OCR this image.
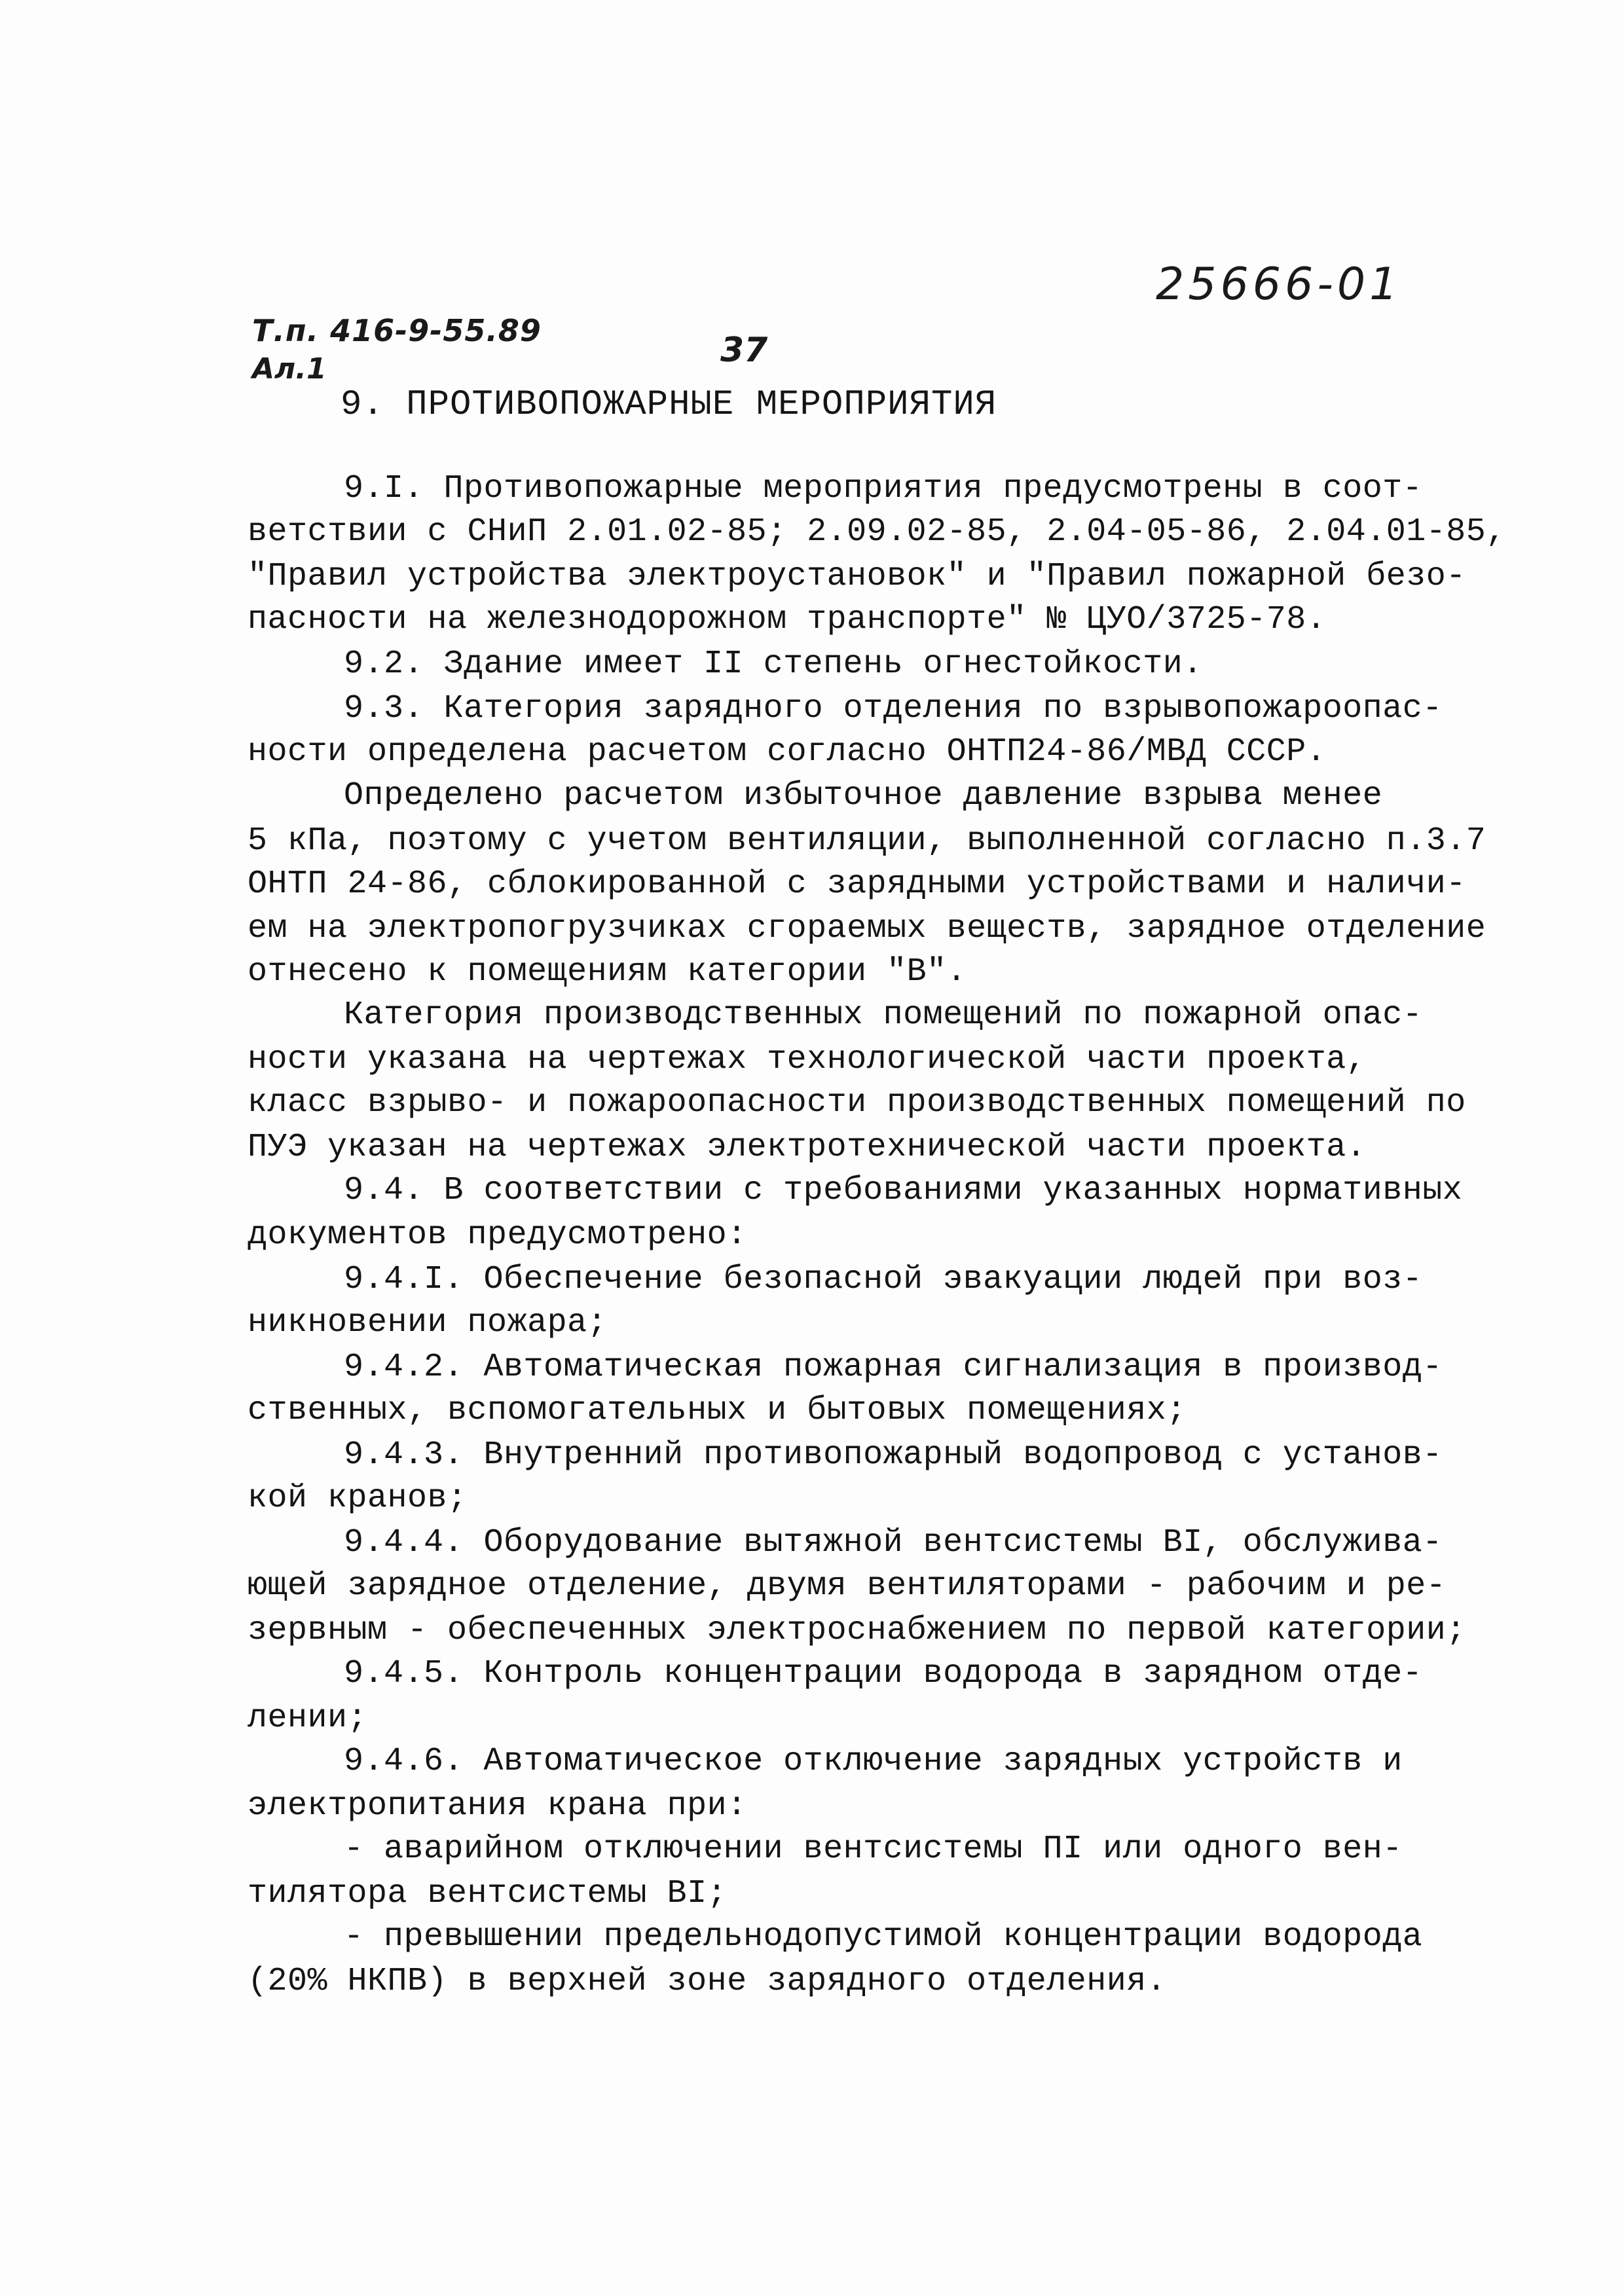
25666-01
Т.п. 416-9-55.89
Ал.1	37
9. ПРОТИВОПОЖАРНЫЕ МЕРОПРИЯТИЯ
9.I. Противопожарные мероприятия предусмотрены в соот-
ветствии с СНиП 2.01.02-85; 2.09.02-85, 2.04-05-86, 2.04.01-85,
"Правил устройства электроустановок" и "Правил пожарной безо-
пасности на железнодорожном транспорте" № ЦУО/3725-78.
9.2. Здание имеет II степень огнестойкости.
9.3. Категория зарядного отделения по взрывопожароопас-
ности определена расчетом согласно ОНТП24-86/МВД СССР.
Определено расчетом избыточное давление взрыва менее
5 кПа, поэтому с учетом вентиляции, выполненной согласно п.3.7
ОНТП 24-86, сблокированной с зарядными устройствами и наличи-
ем на электропогрузчиках сгораемых веществ, зарядное отделение
отнесено к помещениям категории "В".
Категория производственных помещений по пожарной опас-
ности указана на чертежах технологической части проекта,
класс взрыво- и пожароопасности производственных помещений по
ПУЭ указан на чертежах электротехнической части проекта.
9.4. В соответствии с требованиями указанных нормативных
документов предусмотрено:
9.4.I. Обеспечение безопасной эвакуации людей при воз-
никновении пожара;
9.4.2. Автоматическая пожарная сигнализация в производ-
ственных, вспомогательных и бытовых помещениях;
9.4.3. Внутренний противопожарный водопровод с установ-
кой кранов;
9.4.4. Оборудование вытяжной вентсистемы ВI, обслужива-
ющей зарядное отделение, двумя вентиляторами - рабочим и ре-
зервным - обеспеченных электроснабжением по первой категории;
9.4.5. Контроль концентрации водорода в зарядном отде-
лении;
9.4.6. Автоматическое отключение зарядных устройств и
электропитания крана при:
- аварийном отключении вентсистемы ПI или одного вен-
тилятора вентсистемы ВI;
- превышении предельнодопустимой концентрации водорода
(20% НКПВ) в верхней зоне зарядного отделения.
